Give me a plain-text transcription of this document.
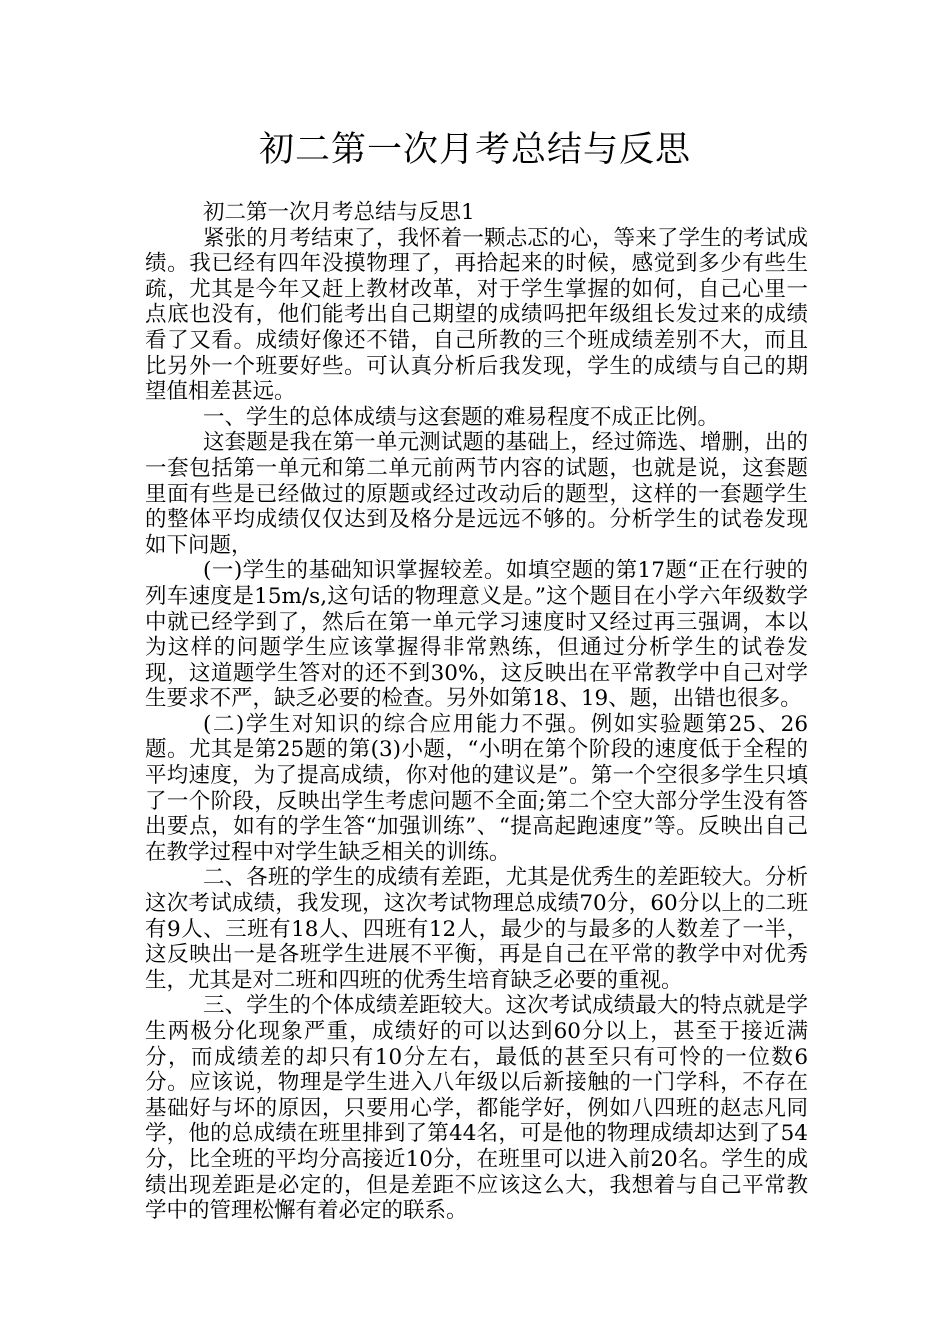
初二第一次月考总结与反思

初二第一次月考总结与反思1

紧张的月考结束了，我怀着一颗忐忑的心，等来了学生的考试成绩。我已经有四年没摸物理了，再拾起来的时候，感觉到多少有些生疏，尤其是今年又赶上教材改革，对于学生掌握的如何，自己心里一点底也没有，他们能考出自己期望的成绩吗把年级组长发过来的成绩看了又看。成绩好像还不错，自己所教的三个班成绩差别不大，而且比另外一个班要好些。可认真分析后我发现，学生的成绩与自己的期望值相差甚远。

一、学生的总体成绩与这套题的难易程度不成正比例。

这套题是我在第一单元测试题的基础上，经过筛选、增删，出的一套包括第一单元和第二单元前两节内容的试题，也就是说，这套题里面有些是已经做过的原题或经过改动后的题型，这样的一套题学生的整体平均成绩仅仅达到及格分是远远不够的。分析学生的试卷发现如下问题，

(一)学生的基础知识掌握较差。如填空题的第17题“正在行驶的列车速度是15m/s,这句话的物理意义是。”这个题目在小学六年级数学中就已经学到了，然后在第一单元学习速度时又经过再三强调，本以为这样的问题学生应该掌握得非常熟练，但通过分析学生的试卷发现，这道题学生答对的还不到30%，这反映出在平常教学中自己对学生要求不严，缺乏必要的检查。另外如第18、19、题，出错也很多。

(二)学生对知识的综合应用能力不强。例如实验题第25、26题。尤其是第25题的第(3)小题，“小明在第个阶段的速度低于全程的平均速度，为了提高成绩，你对他的建议是”。第一个空很多学生只填了一个阶段，反映出学生考虑问题不全面;第二个空大部分学生没有答出要点，如有的学生答“加强训练”、“提高起跑速度”等。反映出自己在教学过程中对学生缺乏相关的训练。

二、各班的学生的成绩有差距，尤其是优秀生的差距较大。分析这次考试成绩，我发现，这次考试物理总成绩70分，60分以上的二班有9人、三班有18人、四班有12人，最少的与最多的人数差了一半，这反映出一是各班学生进展不平衡，再是自己在平常的教学中对优秀生，尤其是对二班和四班的优秀生培育缺乏必要的重视。

三、学生的个体成绩差距较大。这次考试成绩最大的特点就是学生两极分化现象严重，成绩好的可以达到60分以上，甚至于接近满分，而成绩差的却只有10分左右，最低的甚至只有可怜的一位数6分。应该说，物理是学生进入八年级以后新接触的一门学科，不存在基础好与坏的原因，只要用心学，都能学好，例如八四班的赵志凡同学，他的总成绩在班里排到了第44名，可是他的物理成绩却达到了54分，比全班的平均分高接近10分，在班里可以进入前20名。学生的成绩出现差距是必定的，但是差距不应该这么大，我想着与自己平常教学中的管理松懈有着必定的联系。
